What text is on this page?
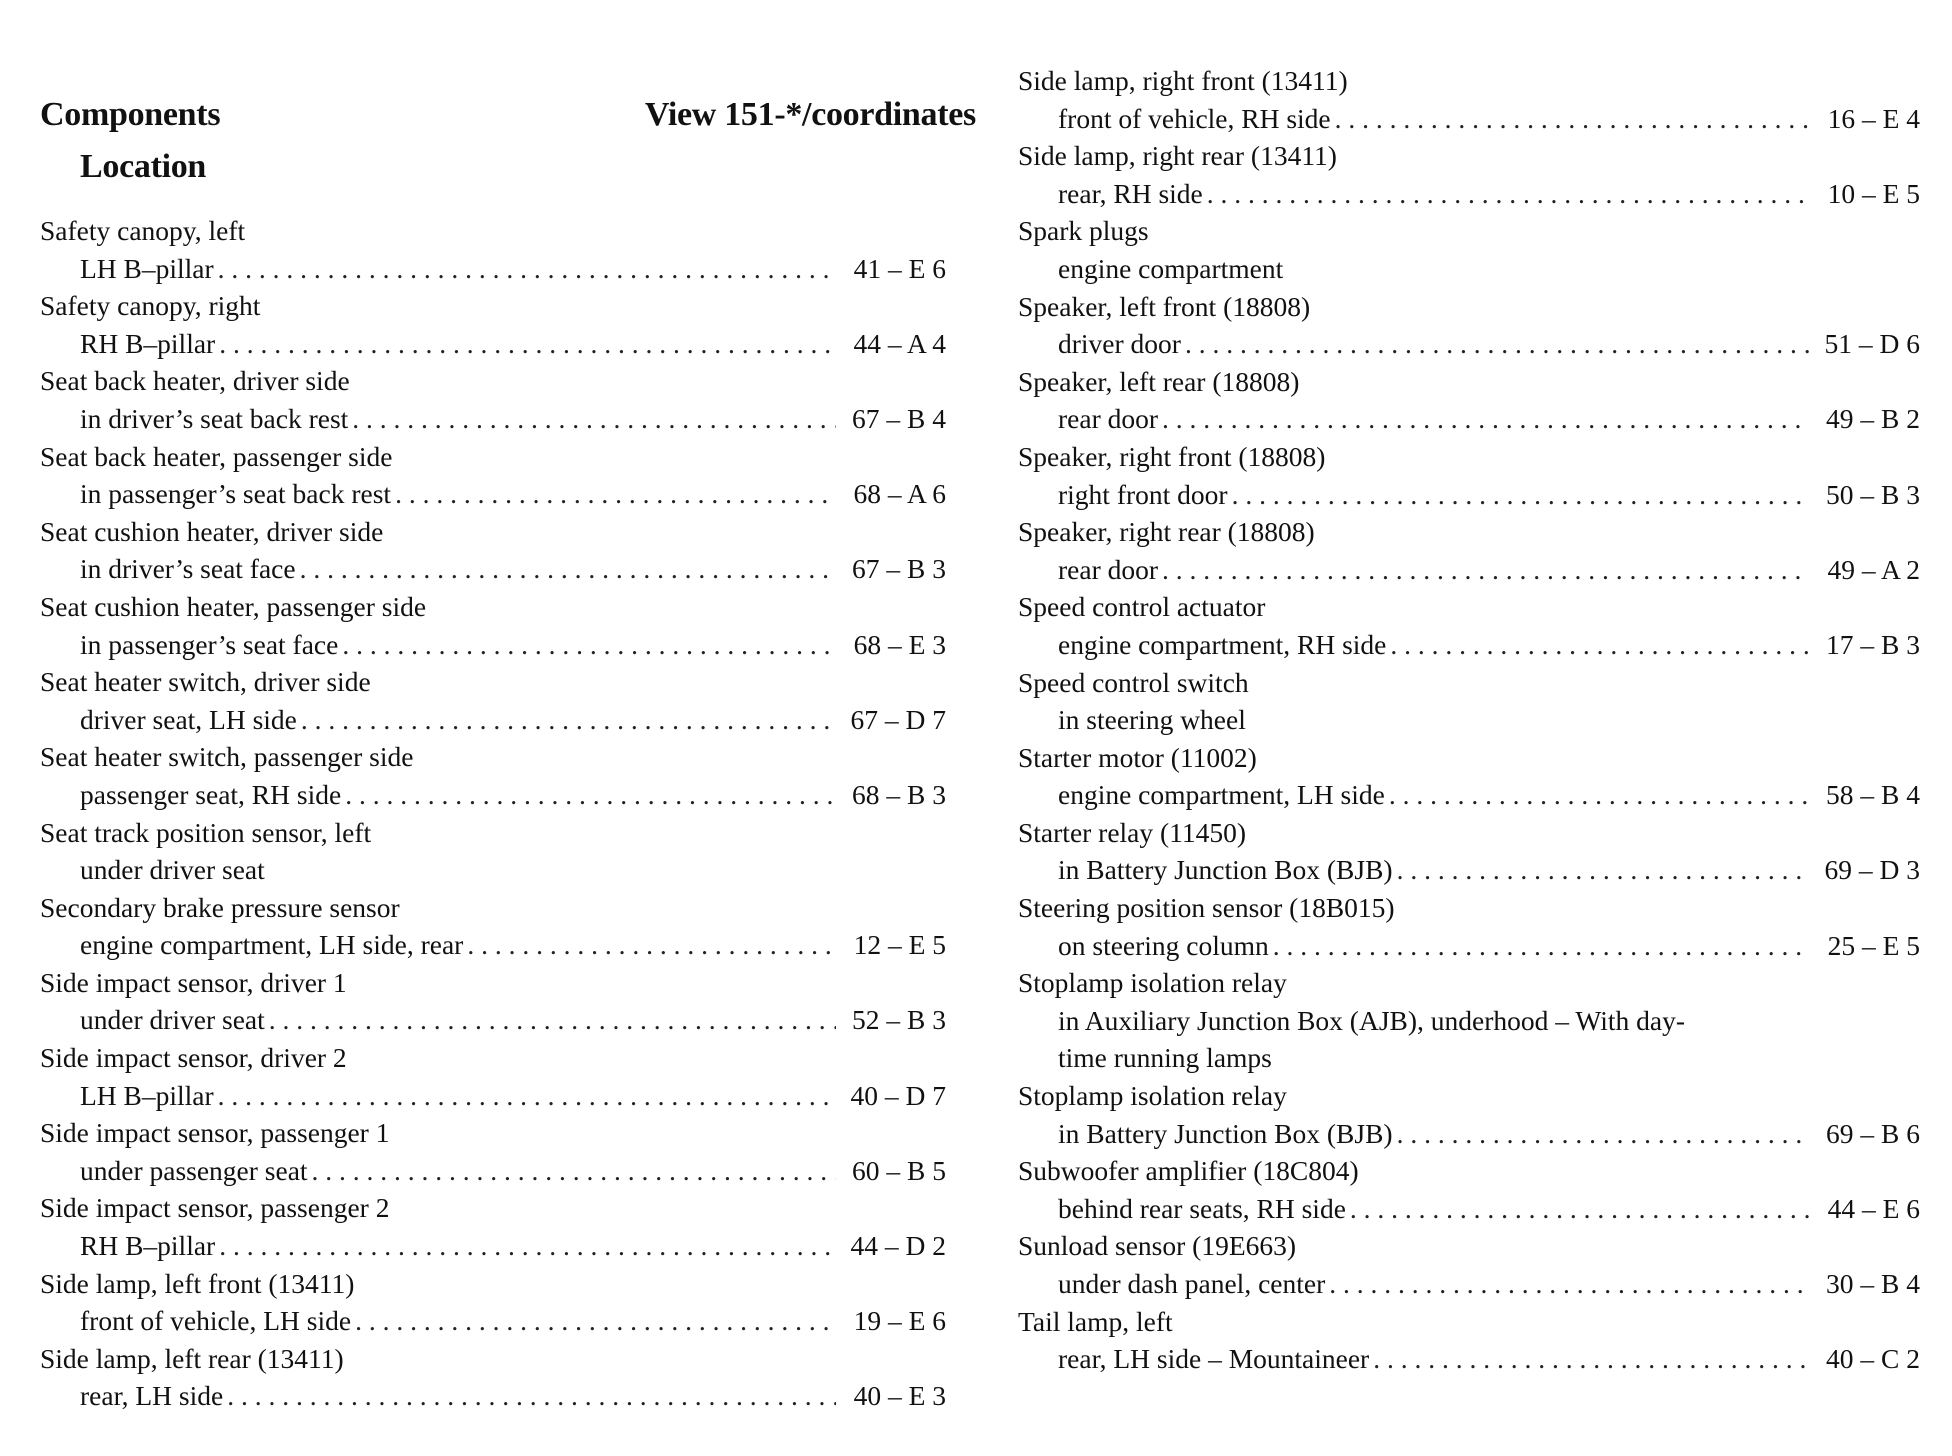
Components	View 151-*/coordinates
Location
Safety canopy, left
LH B–pillar . . .	41 – E 6
Safety canopy, right
RH B–pillar . . .	44 – A 4
Seat back heater, driver side
in driver’s seat back rest . . .	67 – B 4
Seat back heater, passenger side
in passenger’s seat back rest . . .	68 – A 6
Seat cushion heater, driver side
in driver’s seat face . . .	67 – B 3
Seat cushion heater, passenger side
in passenger’s seat face . . .	68 – E 3
Seat heater switch, driver side
driver seat, LH side . . .	67 – D 7
Seat heater switch, passenger side
passenger seat, RH side . . .	68 – B 3
Seat track position sensor, left
under driver seat
Secondary brake pressure sensor
engine compartment, LH side, rear . . .	12 – E 5
Side impact sensor, driver 1
under driver seat . . .	52 – B 3
Side impact sensor, driver 2
LH B–pillar . . .	40 – D 7
Side impact sensor, passenger 1
under passenger seat . . .	60 – B 5
Side impact sensor, passenger 2
RH B–pillar . . .	44 – D 2
Side lamp, left front (13411)
front of vehicle, LH side . . .	19 – E 6
Side lamp, left rear (13411)
rear, LH side . . .	40 – E 3
Side lamp, right front (13411)
front of vehicle, RH side . . .	16 – E 4
Side lamp, right rear (13411)
rear, RH side . . .	10 – E 5
Spark plugs
engine compartment
Speaker, left front (18808)
driver door . . .	51 – D 6
Speaker, left rear (18808)
rear door . . .	49 – B 2
Speaker, right front (18808)
right front door . . .	50 – B 3
Speaker, right rear (18808)
rear door . . .	49 – A 2
Speed control actuator
engine compartment, RH side . . .	17 – B 3
Speed control switch
in steering wheel
Starter motor (11002)
engine compartment, LH side . . .	58 – B 4
Starter relay (11450)
in Battery Junction Box (BJB) . . .	69 – D 3
Steering position sensor (18B015)
on steering column . . .	25 – E 5
Stoplamp isolation relay
in Auxiliary Junction Box (AJB), underhood – With day-
time running lamps
Stoplamp isolation relay
in Battery Junction Box (BJB) . . .	69 – B 6
Subwoofer amplifier (18C804)
behind rear seats, RH side . . .	44 – E 6
Sunload sensor (19E663)
under dash panel, center . . .	30 – B 4
Tail lamp, left
rear, LH side – Mountaineer . . .	40 – C 2
